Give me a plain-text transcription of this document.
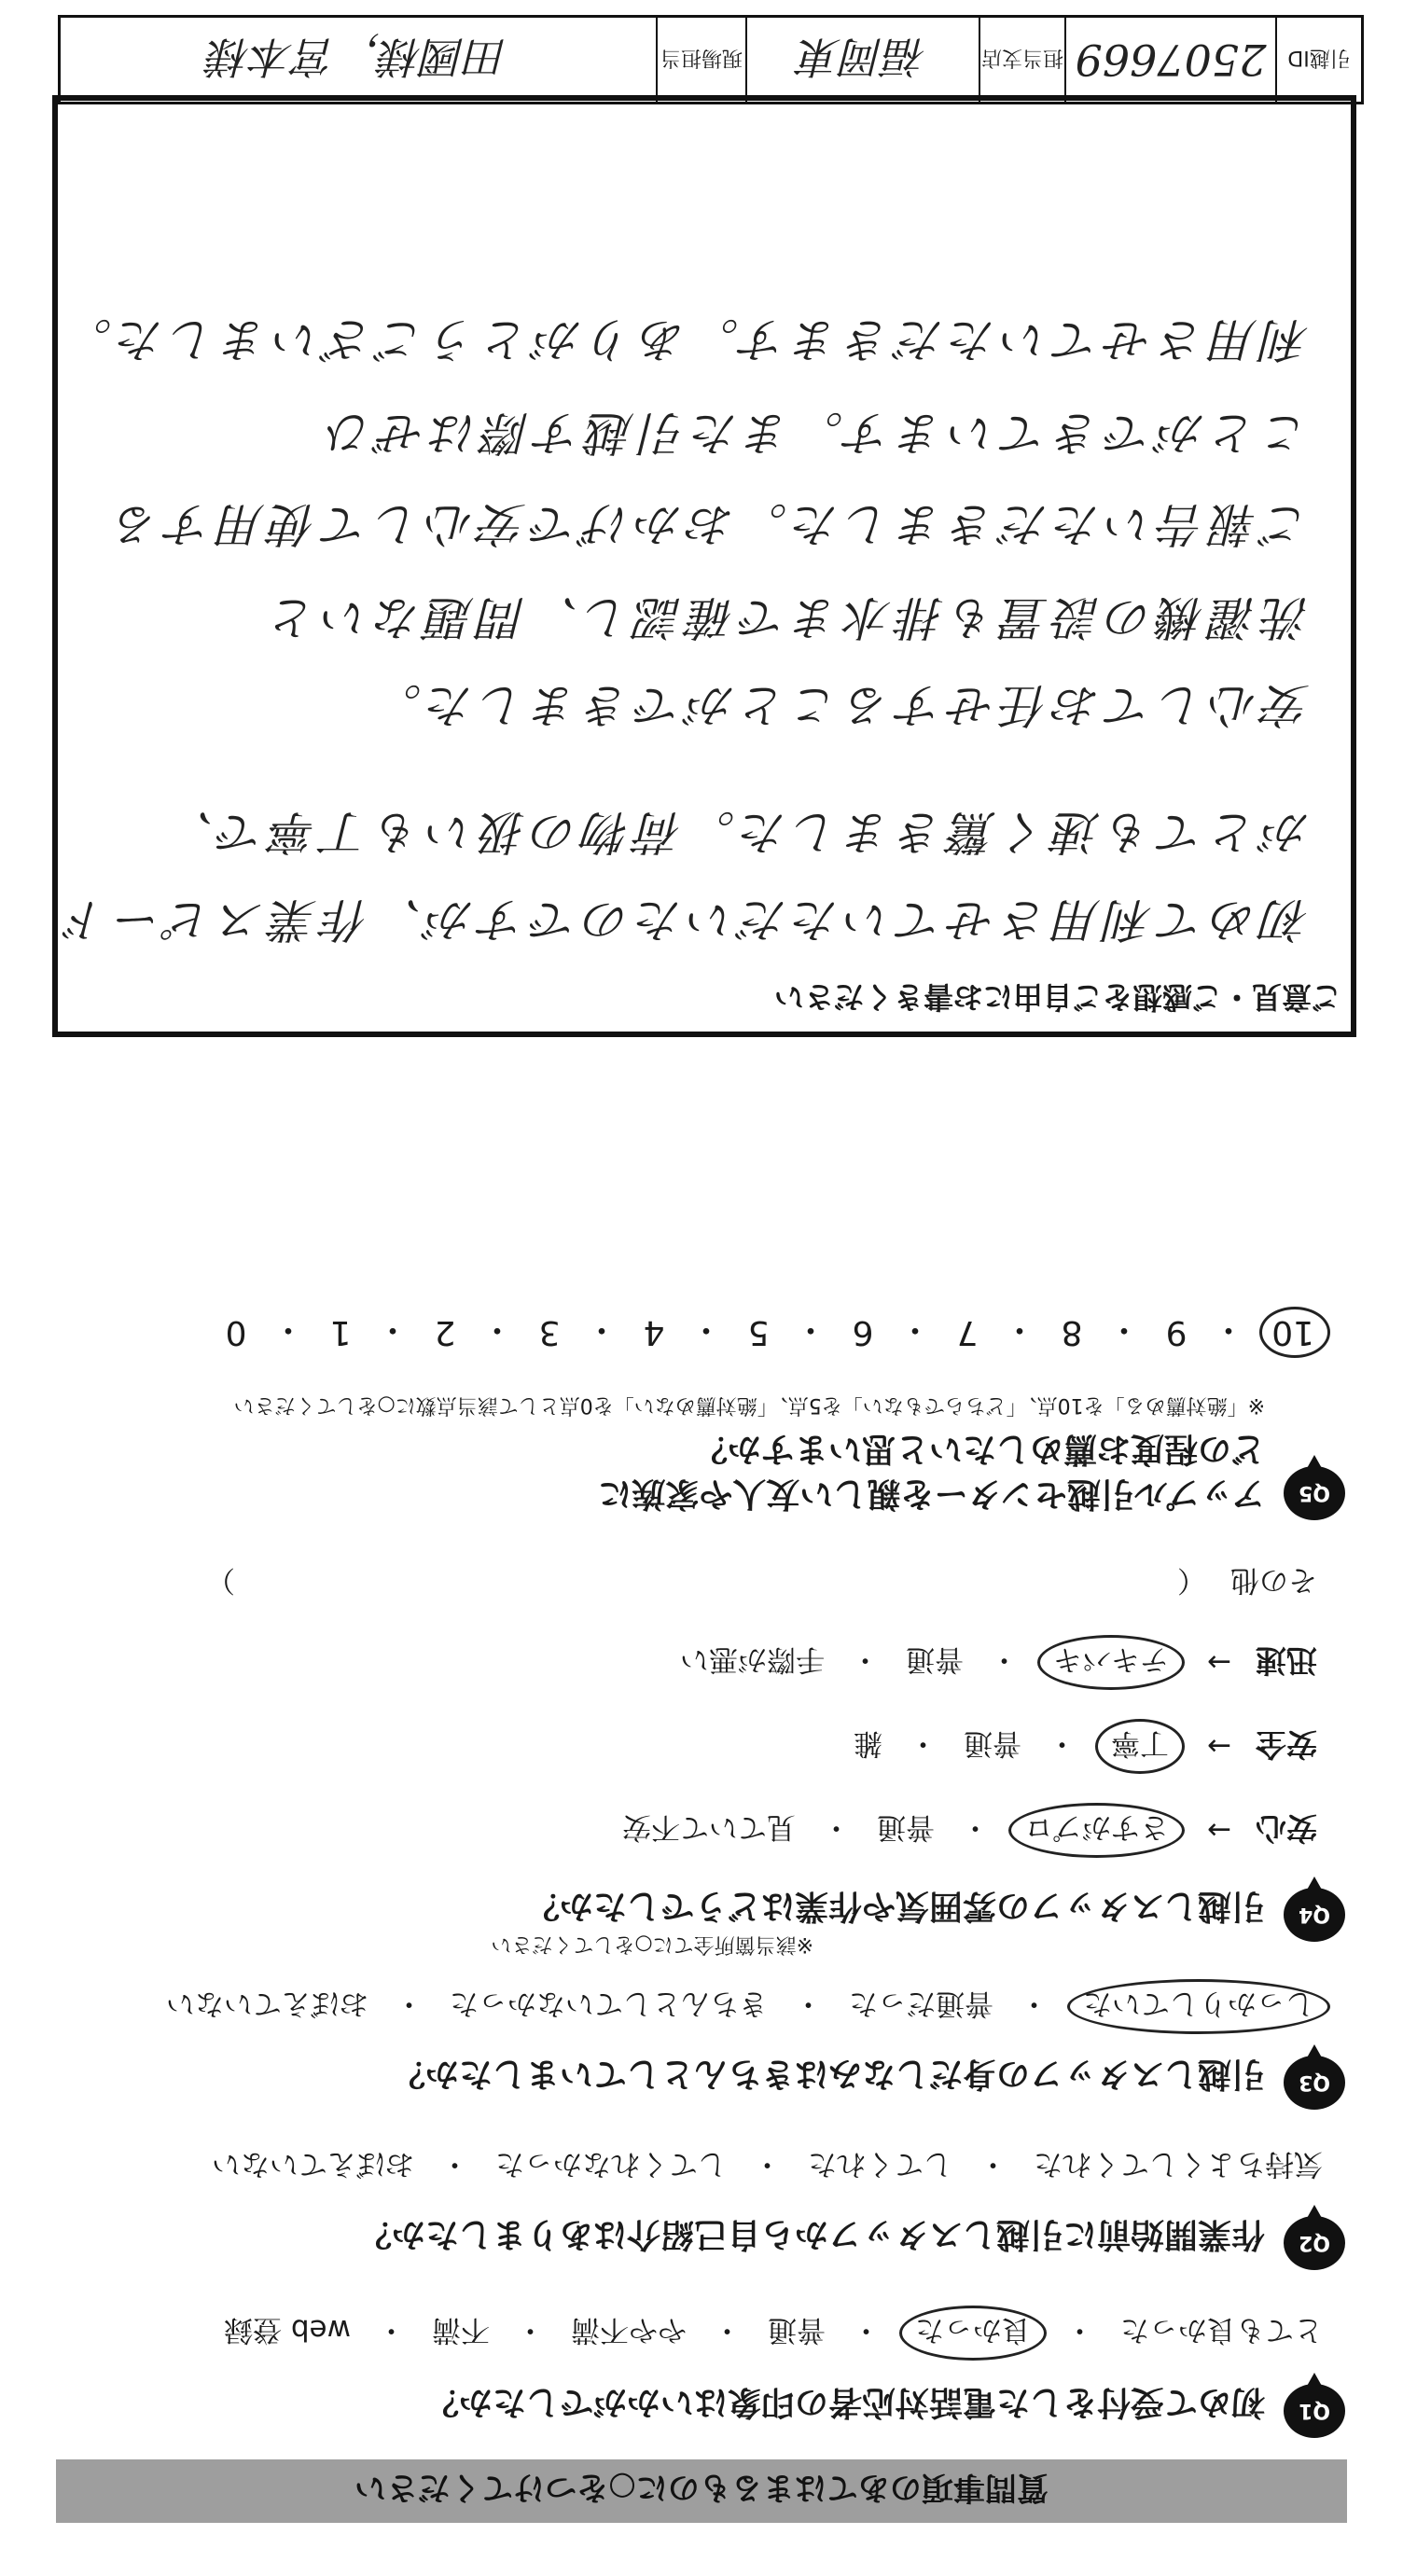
質問事項のあてはまるものに○をつけてください
Q1
初めて受付をした電話対応者の印象はいかがでしたか？
とても良かった
・
良かった
・
普通
・
やや不満
・
不満
・
web 登録
Q2
作業開始前に引越しスタッフから自己紹介はありましたか？
気持ちよくしてくれた
・
してくれた
・
してくれなかった
・
おぼえていない
Q3
引越しスタッフの身だしなみはきちんとしていましたか？
しっかりしていた
・
普通だった
・
きちんとしていなかった
・
おぼえていない
Q4
引越しスタッフの雰囲気や作業はどうでしたか？
※該当箇所全てに○をしてください
安心
→
さすがプロ
・
普通
・
見ていて不安
安全
→
丁寧
・
普通
・
雑
迅速
→
テキパキ
・
普通
・
手際が悪い
その他
（
）
Q5
アップル引越センターを親しい友人や家族に
どの程度お薦めしたいと思いますか？
※「絶対薦める」を10点、「どちらでもない」を5点、「絶対薦めない」を0点として該当点数に○をしてください
10
・
9
・
8
・
7
・
6
・
5
・
4
・
3
・
2
・
1
・
0
ご意見・ご感想をご自由にお書きください
初めて利用させていただいたのですが、作業スピード
がとても速く驚きました。荷物の扱いも丁寧で、
安心してお任せすることができました。
洗濯機の設置も排水まで確認し、問題ないと
ご報告いただきました。おかげで安心して使用する
ことができています。また引越す際はぜひ
利用させていただきます。ありがとうございました。
引越ID
2507669
担当支店
福岡東
現場担当
田國様，宮本様
